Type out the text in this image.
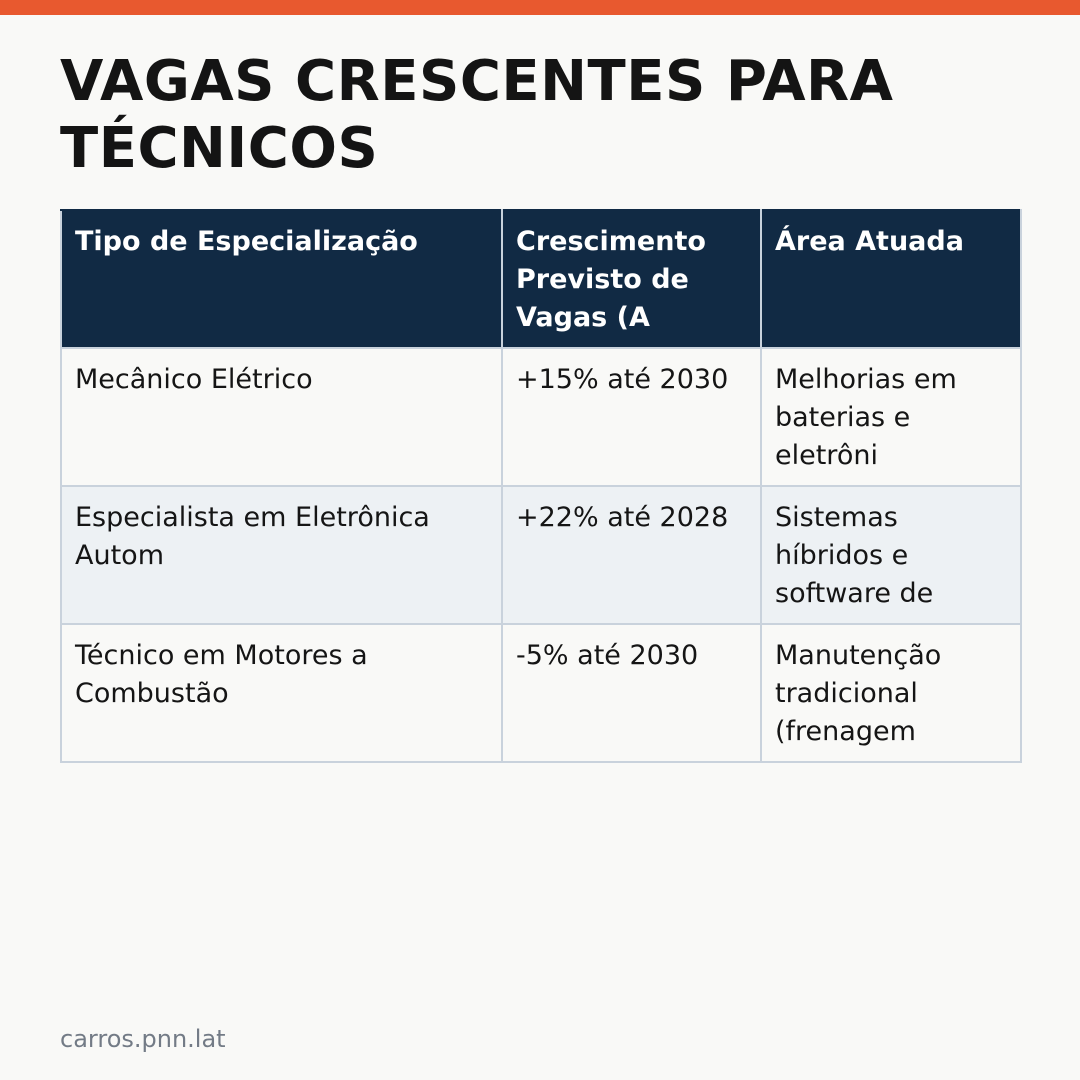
VAGAS CRESCENTES PARA TÉCNICOS
Tipo de Especialização	Crescimento Previsto de Vagas (A	Área Atuada
Mecânico Elétrico	+15% até 2030	Melhorias em baterias e eletrôni
Especialista em Eletrônica Autom	+22% até 2028	Sistemas híbridos e software de
Técnico em Motores a Combustão	-5% até 2030	Manutenção tradicional (frenagem
carros.pnn.lat
